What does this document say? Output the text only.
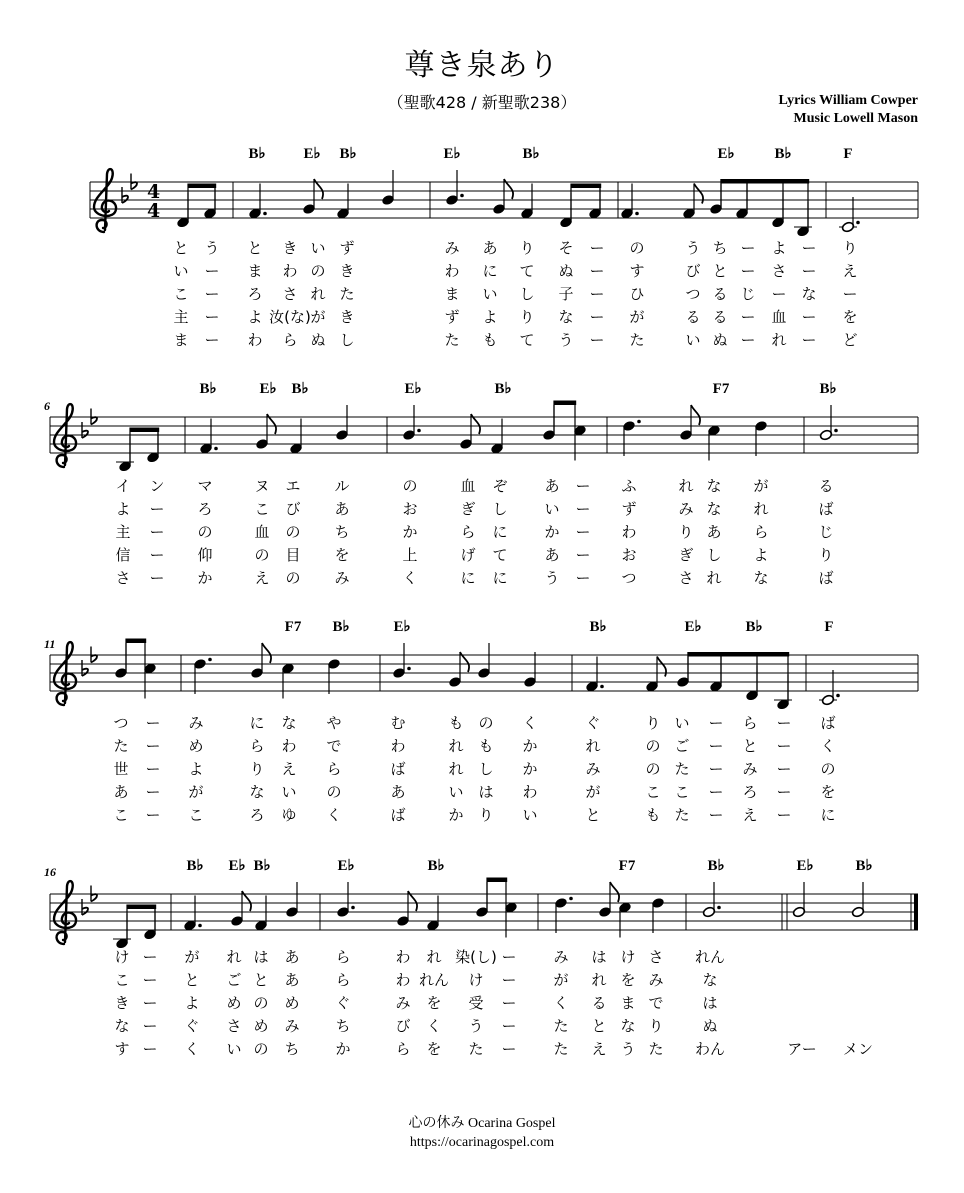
尊き泉あり
（聖歌428 / 新聖歌238）	Lyrics William Cowper
Music Lowell Mason
4
4
B♭	E♭ B♭	E♭	B♭	E♭	B♭	F
と う と き い ず	み あ り そ ー の	う ち ー よ ー り
い ー ま わ の き	わ に て ぬ ー す	び と ー さ ー え
こ ー ろ さ れ た	ま い し 子 ー ひ	つ る じ ー な ー
主 ー よ 汝(な) が き	ず よ り な ー が	る る ー 血 ー を
ま ー わ ら ぬ し	た も て う ー た	い ぬ ー れ ー ど
6
B♭	E♭ B♭	E♭	B♭	F7	B♭
イ ン マ	ヌ エ ル	の	血 ぞ あ ー ふ	れ な が	る
よ ー ろ	こ び あ	お	ぎ し い ー ず	み な れ	ば
主 ー の	血 の ち	か	ら に か ー わ	り あ ら	じ
信 ー 仰	の 目 を	上	げ て あ ー お	ぎ し よ	り
さ ー か	え の み	く	に に う ー つ	さ れ な	ば
11
F7 B♭	E♭	B♭	E♭	B♭	F
つ ー み	に な や	む	も の く	ぐ	り い ー ら ー ば
た ー め	ら わ で	わ	れ も か	れ	の ご ー と ー く
世 ー よ	り え ら	ば	れ し か	み	の た ー み ー の
あ ー が	な い の	あ	い は わ	が	こ こ ー ろ ー を
こ ー こ	ろ ゆ く	ば	か り い	と	も た ー え ー に
16	B♭ E♭ B♭	E♭	B♭	F7	B♭	E♭	B♭
け ー が れ は あ ら	わ れ 染(し) ー み は け さ れん
こ ー と ご と あ ら	わ れん け ー が れ を み	な
き ー よ め の め ぐ	み を 受 ー く る ま で	は
な ー ぐ さ め み ち	び く う ー た と な り	ぬ
す ー く い の ち か	ら を た ー た え う た わん	アー メン
心の休み Ocarina Gospel
https://ocarinagospel.com
